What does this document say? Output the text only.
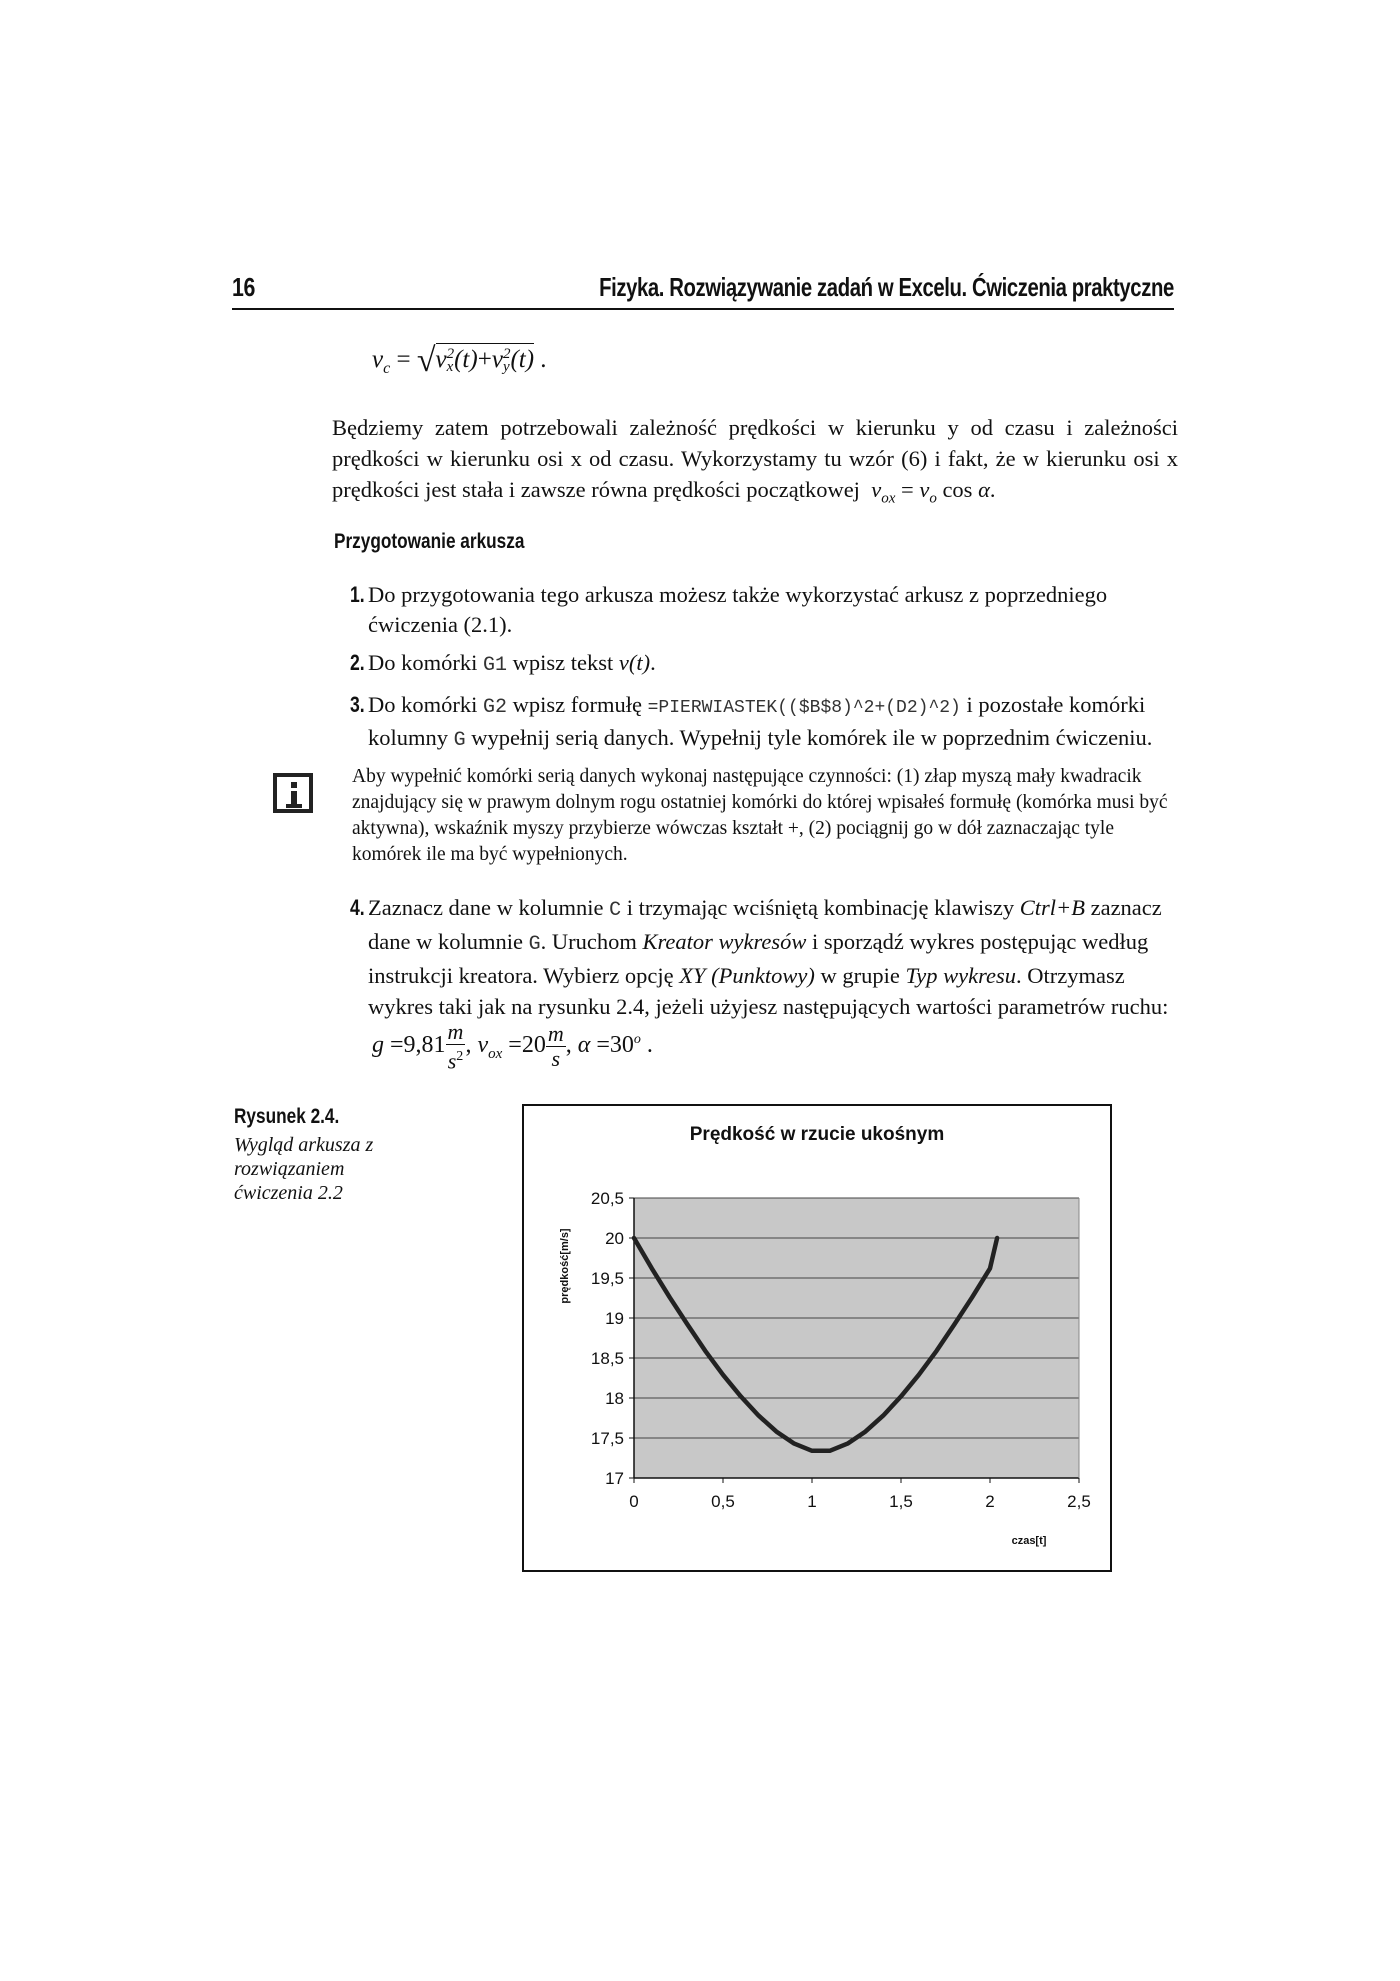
16	Fizyka. Rozwiązywanie zadań w Excelu. Ćwiczenia praktyczne
$v_c = √v$ 2
x (t)+v 2
y (t) .
Będziemy zatem potrzebowali zależność prędkości w kierunku y od czasu i zależności prędkości w kierunku osi x od czasu. Wykorzystamy tu wzór (6) i fakt, że w kierunku osi x prędkości jest stała i zawsze równa prędkości początkowej $v_{ox} = v_o$ cos α.
Przygotowanie arkusza
1. Do przygotowania tego arkusza możesz także wykorzystać arkusz z poprzedniego ćwiczenia (2.1).
2. Do komórki G1 wpisz tekst v(t).
3. Do komórki G2 wpisz formułę =PIERWIASTEK(($B$8)^2+(D2)^2) i pozostałe komórki kolumny G wypełnij serią danych. Wypełnij tyle komórek ile w poprzednim ćwiczeniu.
Aby wypełnić komórki serią danych wykonaj następujące czynności: (1) złap myszą mały kwadracik znajdujący się w prawym dolnym rogu ostatniej komórki do której wpisałeś formułę (komórka musi być aktywna), wskaźnik myszy przybierze wówczas kształt +, (2) pociągnij go w dół zaznaczając tyle komórek ile ma być wypełnionych.
4. Zaznacz dane w kolumnie C i trzymając wciśniętą kombinację klawiszy Ctrl+B zaznacz dane w kolumnie G. Uruchom Kreator wykresów i sporządź wykres postępując według instrukcji kreatora. Wybierz opcję XY (Punktowy) w grupie Typ wykresu. Otrzymasz wykres taki jak na rysunku 2.4, jeżeli użyjesz następujących wartości parametrów ruchu:
$g =9,81 \frac{m}{s^2}$ , $v_{ox} =20 \frac{m}{s}$ , $\alpha =30^o$ .
Rysunek 2.4.
Wygląd arkusza z rozwiązaniem ćwiczenia 2.2
Prędkość w rzucie ukośnym
17
17,5
18
18,5
19
19,5
20
20,5
0	0,5	1	1,5	2	2,5
prędkość[m/s]
czas[t]
